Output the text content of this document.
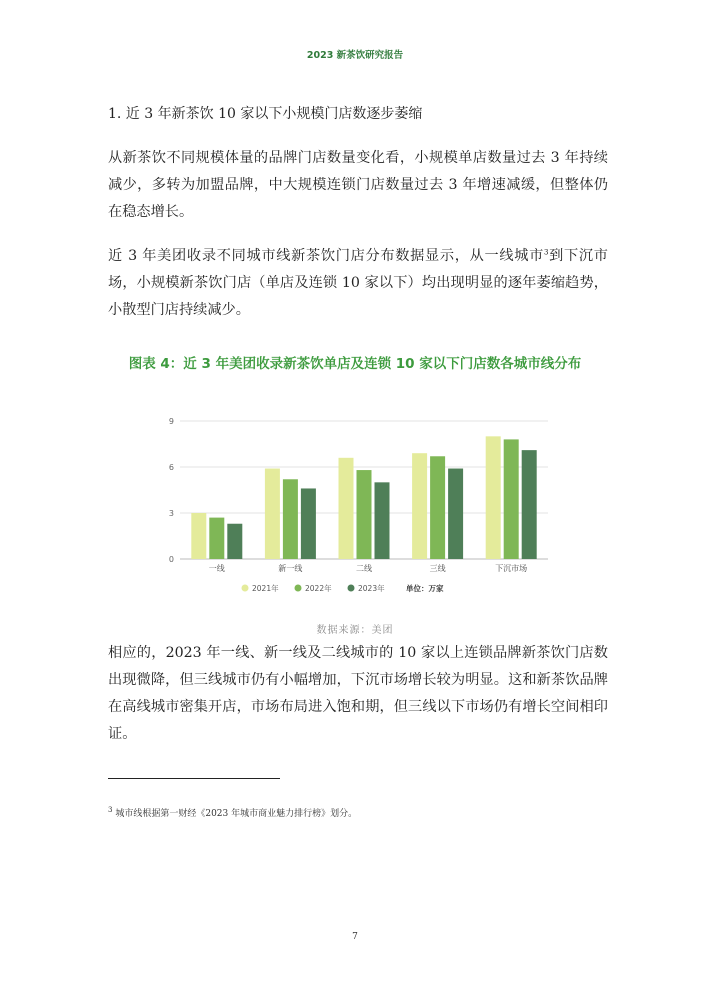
2023 新茶饮研究报告
1. 近 3 年新茶饮 10 家以下小规模门店数逐步萎缩
从新茶饮不同规模体量的品牌门店数量变化看，小规模单店数量过去 3 年持续减少，多转为加盟品牌，中大规模连锁门店数量过去 3 年增速减缓，但整体仍在稳态增长。
近 3 年美团收录不同城市线新茶饮门店分布数据显示，从一线城市$^3$到下沉市场，小规模新茶饮门店（单店及连锁 10 家以下）均出现明显的逐年萎缩趋势，小散型门店持续减少。
图表 4：近 3 年美团收录新茶饮单店及连锁 10 家以下门店数各城市线分布
0
3
6
9
一线	新一线	二线	三线	下沉市场
2021年	2022年	2023年	单位：万家
数据来源：美团
相应的，2023 年一线、新一线及二线城市的 10 家以上连锁品牌新茶饮门店数出现微降，但三线城市仍有小幅增加，下沉市场增长较为明显。这和新茶饮品牌在高线城市密集开店，市场布局进入饱和期，但三线以下市场仍有增长空间相印证。
$^3$ 城市线根据第一财经《2023 年城市商业魅力排行榜》划分。
7
